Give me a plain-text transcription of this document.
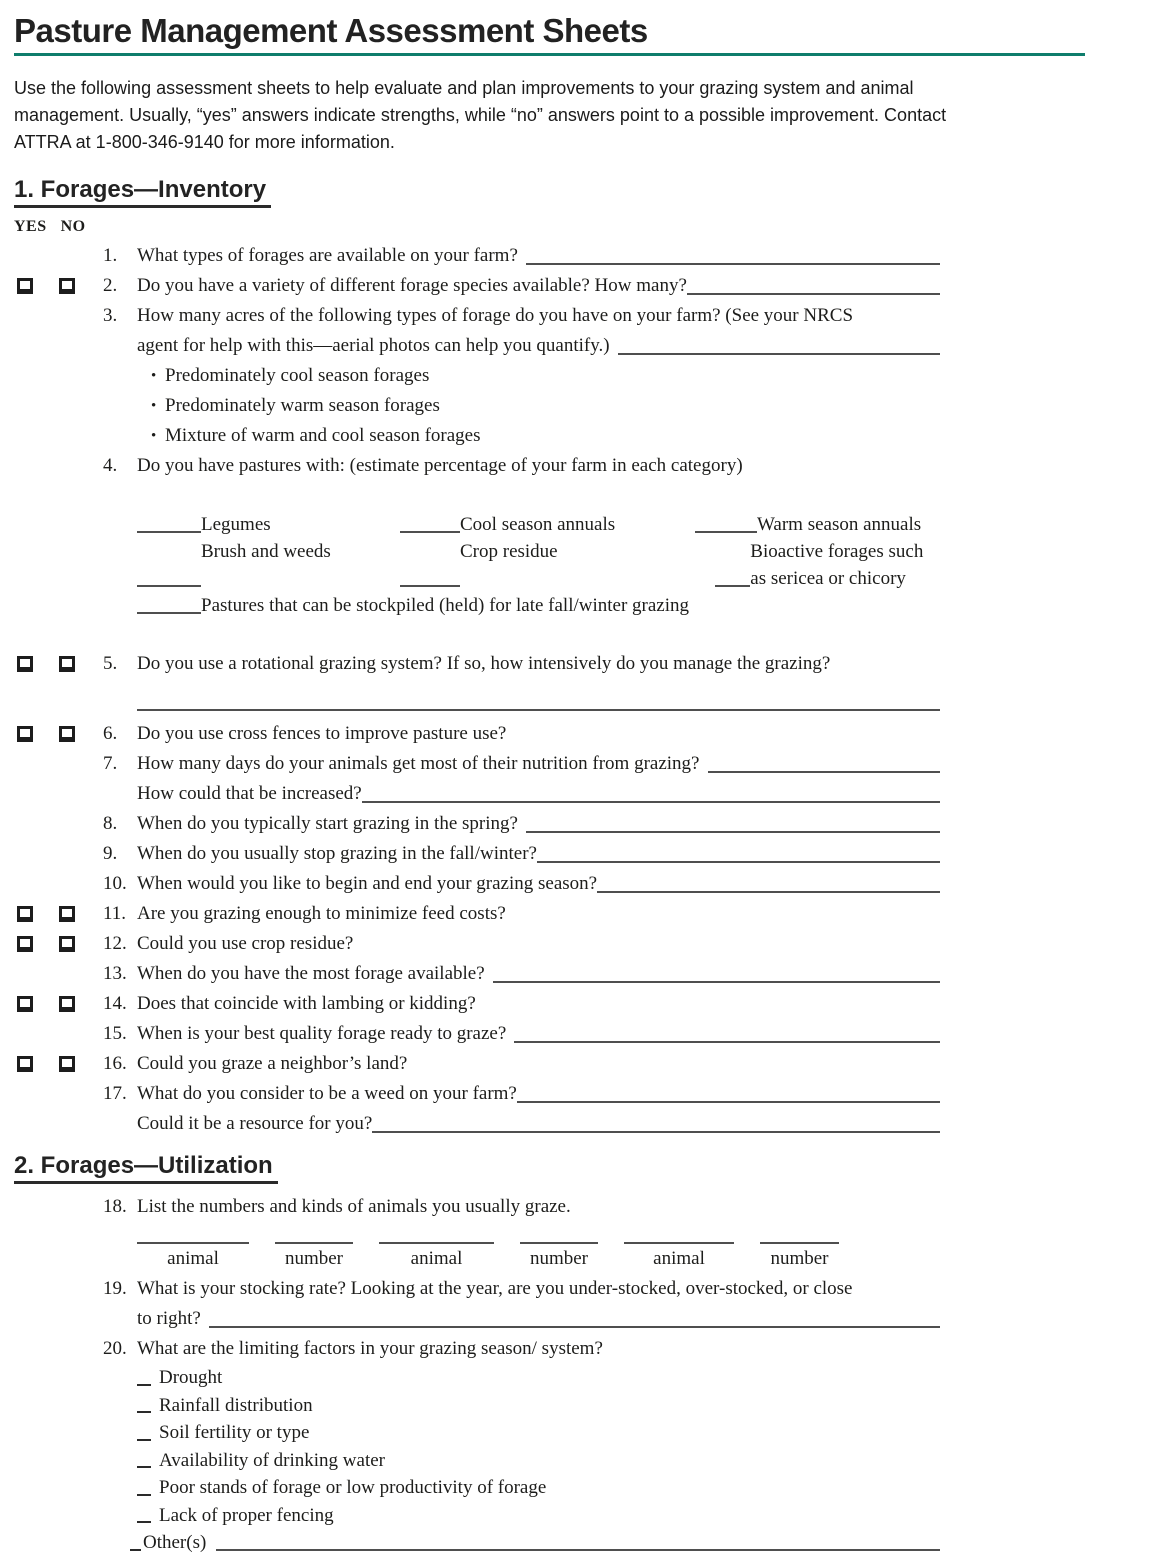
Pasture Management Assessment Sheets
Use the following assessment sheets to help evaluate and plan improvements to your grazing system and animal
management. Usually, “yes” answers indicate strengths, while “no” answers point to a possible improvement. Contact
ATTRA at 1-800-346-9140 for more information.
1. Forages—Inventory
YES NO
1.	What types of forages are available on your farm?
2.	Do you have a variety of different forage species available? How many?
3.	How many acres of the following types of forage do you have on your farm? (See your NRCS
agent for help with this—aerial photos can help you quantify.)
• Predominately cool season forages
• Predominately warm season forages
• Mixture of warm and cool season forages
4.	Do you have pastures with: (estimate percentage of your farm in each category)
Legumes	Cool season annuals	Warm season annuals
Brush and weeds	Crop residue	Bioactive forages such as sericea or chicory
Pastures that can be stockpiled (held) for late fall/winter grazing
5.	Do you use a rotational grazing system? If so, how intensively do you manage the grazing?
6.	Do you use cross fences to improve pasture use?
7.	How many days do your animals get most of their nutrition from grazing?
How could that be increased?
8.	When do you typically start grazing in the spring?
9.	When do you usually stop grazing in the fall/winter?
10. When would you like to begin and end your grazing season?
11. Are you grazing enough to minimize feed costs?
12. Could you use crop residue?
13. When do you have the most forage available?
14. Does that coincide with lambing or kidding?
15. When is your best quality forage ready to graze?
16. Could you graze a neighbor’s land?
17. What do you consider to be a weed on your farm?
Could it be a resource for you?
2. Forages—Utilization
18. List the numbers and kinds of animals you usually graze.
animal	number	animal	number	animal	number
19. What is your stocking rate? Looking at the year, are you under-stocked, over-stocked, or close
to right?
20. What are the limiting factors in your grazing season/ system?
Drought
Rainfall distribution
Soil fertility or type
Availability of drinking water
Poor stands of forage or low productivity of forage
Lack of proper fencing
Other(s)
